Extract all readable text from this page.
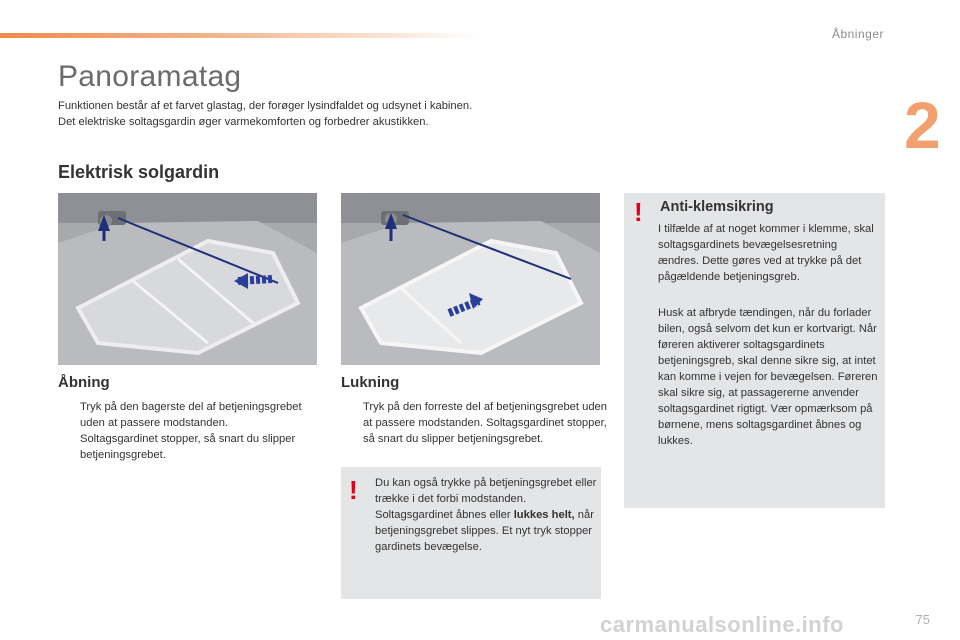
Åbninger
2
Panoramatag
Funktionen består af et farvet glastag, der forøger lysindfaldet og udsynet i kabinen.
Det elektriske soltagsgardin øger varmekomforten og forbedrer akustikken.
Elektrisk solgardin
Åbning	Lukning
Tryk på den bagerste del af betjeningsgrebet uden at passere modstanden. Soltagsgardinet stopper, så snart du slipper betjeningsgrebet.
Tryk på den forreste del af betjeningsgrebet uden at passere modstanden. Soltagsgardinet stopper, så snart du slipper betjeningsgrebet.
! Du kan også trykke på betjeningsgrebet eller trække i det forbi modstanden. Soltagsgardinet åbnes eller lukkes helt, når betjeningsgrebet slippes. Et nyt tryk stopper gardinets bevægelse.
! Anti-klemsikring
I tilfælde af at noget kommer i klemme, skal soltagsgardinets bevægelsesretning ændres. Dette gøres ved at trykke på det pågældende betjeningsgreb.
Husk at afbryde tændingen, når du forlader bilen, også selvom det kun er kortvarigt. Når føreren aktiverer soltagsgardinets betjeningsgreb, skal denne sikre sig, at intet kan komme i vejen for bevægelsen. Føreren skal sikre sig, at passagererne anvender soltagsgardinet rigtigt. Vær opmærksom på børnene, mens soltagsgardinet åbnes og lukkes.
carmanualsonline.info	75
